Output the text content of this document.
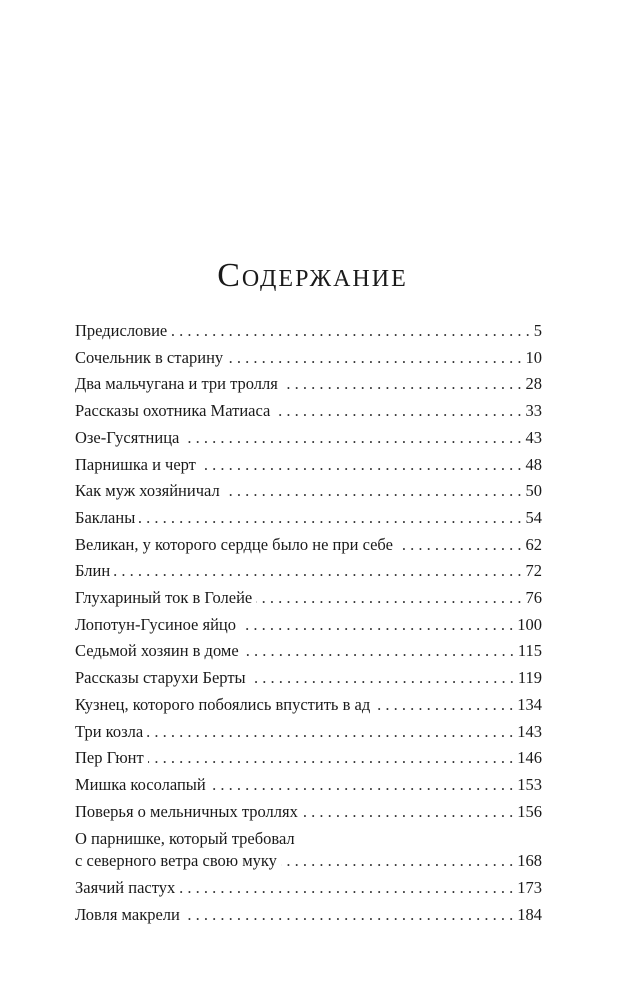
Содержание
Предисловие . . .	5
Сочельник в старину . . .	10
Два мальчугана и три тролля . . .	28
Рассказы охотника Матиаса . . .	33
Озе-Гусятница . . .	43
Парнишка и черт . . .	48
Как муж хозяйничал . . .	50
Бакланы . . .	54
Великан, у которого сердце было не при себе . . .	62
Блин . . .	72
Глухариный ток в Голейе . . .	76
Лопотун-Гусиное яйцо . . .	100
Седьмой хозяин в доме . . .	115
Рассказы старухи Берты . . .	119
Кузнец, которого побоялись впустить в ад . . .	134
Три козла . . .	143
Пер Гюнт . . .	146
Мишка косолапый . . .	153
Поверья о мельничных троллях . . .	156
О парнишке, который требовал
с северного ветра свою муку . . .	168
Заячий пастух . . .	173
Ловля макрели . . .	184
